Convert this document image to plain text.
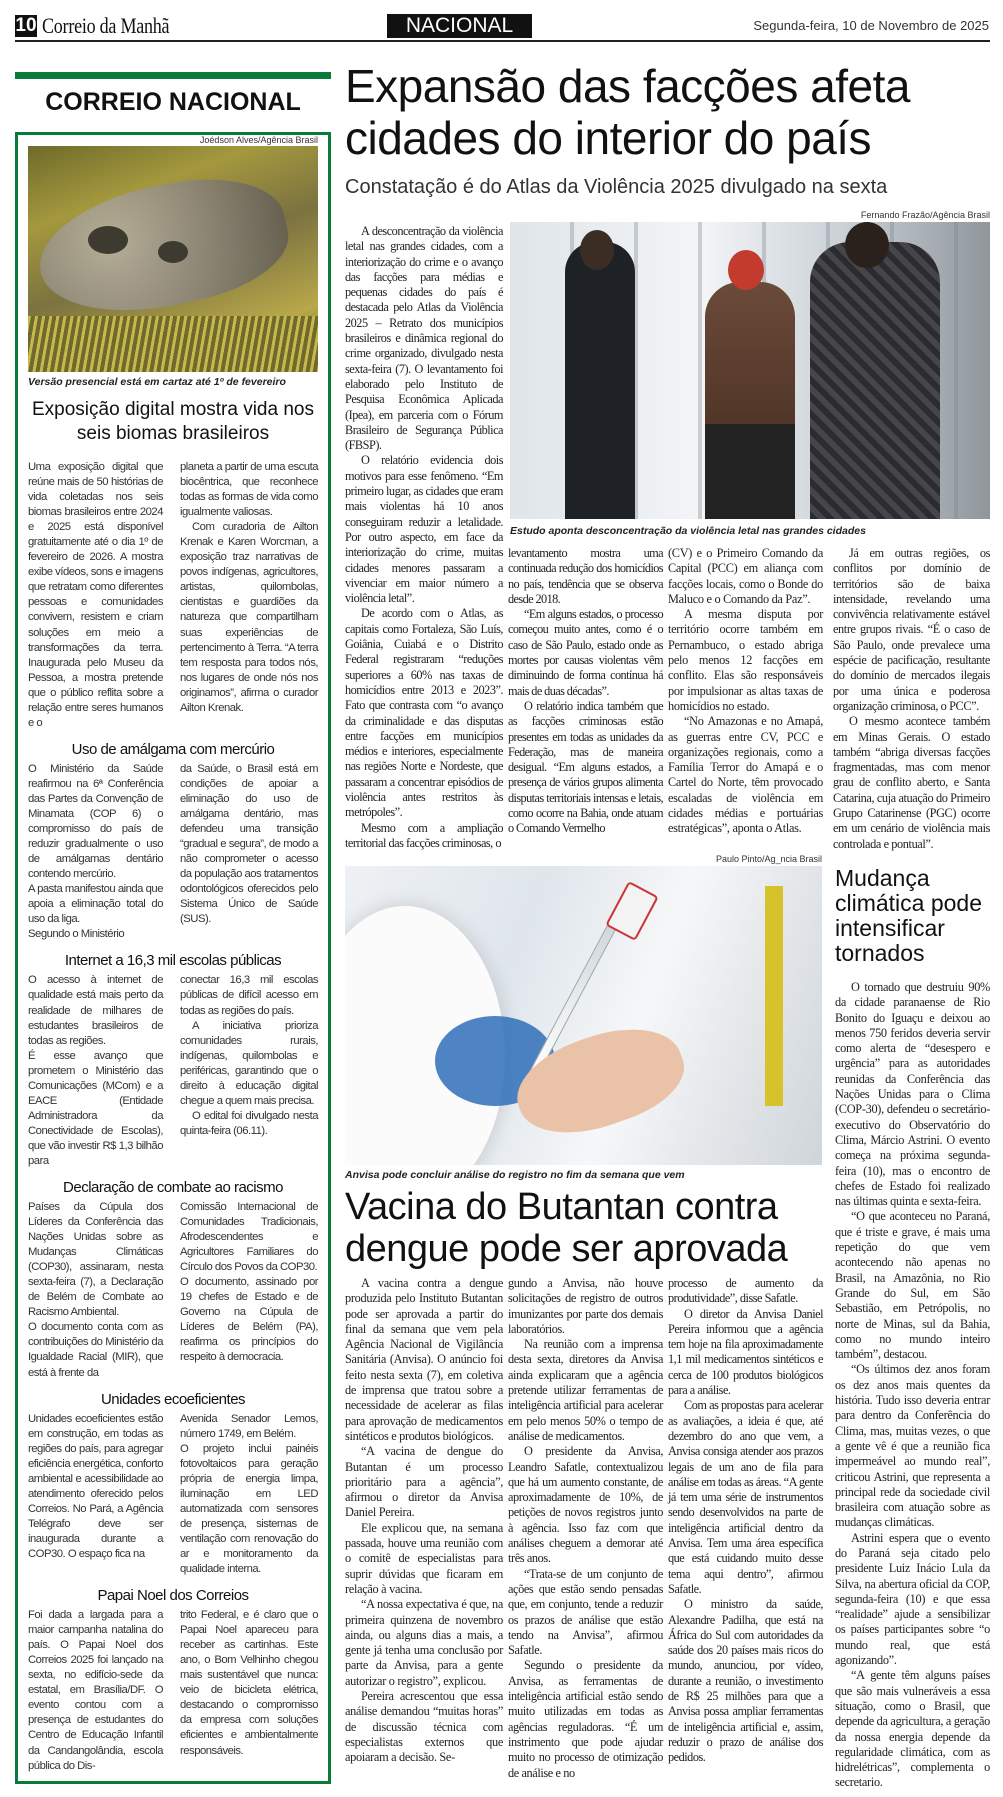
10 Correio da Manhã	NACIONAL	Segunda-feira, 10 de Novembro de 2025
CORREIO NACIONAL
Joédson Alves/Agência Brasil
Versão presencial está em cartaz até 1º de fevereiro
Exposição digital mostra vida nos seis biomas brasileiros

Uma exposição digital que reúne mais de 50 histórias de vida coletadas nos seis biomas brasileiros entre 2024 e 2025 está disponível gratuitamente até o dia 1º de fevereiro de 2026. A mostra exibe vídeos, sons e imagens que retratam como diferentes pessoas e comunidades convivem, resistem e criam soluções em meio a transformações da terra. Inaugurada pelo Museu da Pessoa, a mostra pretende que o público reflita sobre a relação entre seres humanos e o

planeta a partir de uma escuta biocêntrica, que reconhece todas as formas de vida como igualmente valiosas.

Com curadoria de Ailton Krenak e Karen Worcman, a exposição traz narrativas de povos indígenas, agricultores, artistas, quilombolas, cientistas e guardiões da natureza que compartilham suas experiências de pertencimento à Terra. “A terra tem resposta para todos nós, nos lugares de onde nós nos originamos”, afirma o curador Ailton Krenak.

Uso de amálgama com mercúrio

O Ministério da Saúde reafirmou na 6ª Conferência das Partes da Convenção de Minamata (COP 6) o compromisso do país de reduzir gradualmente o uso de amálgamas dentário contendo mercúrio.

A pasta manifestou ainda que apoia a eliminação total do uso da liga.

Segundo o Ministério

da Saúde, o Brasil está em condições de apoiar a eliminação do uso de amálgama dentário, mas defendeu uma transição “gradual e segura”, de modo a não comprometer o acesso da população aos tratamentos odontológicos oferecidos pelo Sistema Único de Saúde (SUS).

Internet a 16,3 mil escolas públicas

O acesso à internet de qualidade está mais perto da realidade de milhares de estudantes brasileiros de todas as regiões.

É esse avanço que prometem o Ministério das Comunicações (MCom) e a EACE (Entidade Administradora da Conectividade de Escolas), que vão investir R$ 1,3 bilhão para

conectar 16,3 mil escolas públicas de difícil acesso em todas as regiões do país.

A iniciativa prioriza comunidades rurais, indígenas, quilombolas e periféricas, garantindo que o direito à educação digital chegue a quem mais precisa.

O edital foi divulgado nesta quinta-feira (06.11).

Declaração de combate ao racismo

Países da Cúpula dos Líderes da Conferência das Nações Unidas sobre as Mudanças Climáticas (COP30), assinaram, nesta sexta-feira (7), a Declaração de Belém de Combate ao Racismo Ambiental.

O documento conta com as contribuições do Ministério da Igualdade Racial (MIR), que está à frente da

Comissão Internacional de Comunidades Tradicionais, Afrodescendentes e Agricultores Familiares do Círculo dos Povos da COP30.

O documento, assinado por 19 chefes de Estado e de Governo na Cúpula de Líderes de Belém (PA), reafirma os princípios do respeito à democracia.

Unidades ecoeficientes

Unidades ecoeficientes estão em construção, em todas as regiões do país, para agregar eficiência energética, conforto ambiental e acessibilidade ao atendimento oferecido pelos Correios. No Pará, a Agência Telégrafo deve ser inaugurada durante a COP30. O espaço fica na

Avenida Senador Lemos, número 1749, em Belém.

O projeto inclui painéis fotovoltaicos para geração própria de energia limpa, iluminação em LED automatizada com sensores de presença, sistemas de ventilação com renovação do ar e monitoramento da qualidade interna.

Papai Noel dos Correios

Foi dada a largada para a maior campanha natalina do país. O Papai Noel dos Correios 2025 foi lançado na sexta, no edifício-sede da estatal, em Brasília/DF. O evento contou com a presença de estudantes do Centro de Educação Infantil da Candangolândia, escola pública do Dis-

trito Federal, e é claro que o Papai Noel apareceu para receber as cartinhas. Este ano, o Bom Velhinho chegou mais sustentável que nunca: veio de bicicleta elétrica, destacando o compromisso da empresa com soluções eficientes e ambientalmente responsáveis.

Expansão das facções afeta cidades do interior do país
Constatação é do Atlas da Violência 2025 divulgado na sexta
Fernando Frazão/Agência Brasil
Estudo aponta desconcentração da violência letal nas grandes cidades

A desconcentração da violência letal nas grandes cidades, com a interiorização do crime e o avanço das facções para médias e pequenas cidades do país é destacada pelo Atlas da Violência 2025 – Retrato dos municípios brasileiros e dinâmica regional do crime organizado, divulgado nesta sexta-feira (7). O levantamento foi elaborado pelo Instituto de Pesquisa Econômica Aplicada (Ipea), em parceria com o Fórum Brasileiro de Segurança Pública (FBSP).

O relatório evidencia dois motivos para esse fenômeno. “Em primeiro lugar, as cidades que eram mais violentas há 10 anos conseguiram reduzir a letalidade. Por outro aspecto, em face da interiorização do crime, muitas cidades menores passaram a vivenciar em maior número a violência letal”.

De acordo com o Atlas, as capitais como Fortaleza, São Luís, Goiânia, Cuiabá e o Distrito Federal registraram “reduções superiores a 60% nas taxas de homicídios entre 2013 e 2023”. Fato que contrasta com “o avanço da criminalidade e das disputas entre facções em municípios médios e interiores, especialmente nas regiões Norte e Nordeste, que passaram a concentrar episódios de violência antes restritos às metrópoles”.

Mesmo com a ampliação territorial das facções criminosas, o

levantamento mostra uma continuada redução dos homicídios no país, tendência que se observa desde 2018.

“Em alguns estados, o processo começou muito antes, como é o caso de São Paulo, estado onde as mortes por causas violentas vêm diminuindo de forma contínua há mais de duas décadas”.

O relatório indica também que as facções criminosas estão presentes em todas as unidades da Federação, mas de maneira desigual. “Em alguns estados, a presença de vários grupos alimenta disputas territoriais intensas e letais, como ocorre na Bahia, onde atuam o Comando Vermelho

(CV) e o Primeiro Comando da Capital (PCC) em aliança com facções locais, como o Bonde do Maluco e o Comando da Paz”.

A mesma disputa por território ocorre também em Pernambuco, o estado abriga pelo menos 12 facções em conflito. Elas são responsáveis por impulsionar as altas taxas de homicídios no estado.

“No Amazonas e no Amapá, as guerras entre CV, PCC e organizações regionais, como a Família Terror do Amapá e o Cartel do Norte, têm provocado escaladas de violência em cidades médias e portuárias estratégicas”, aponta o Atlas.

Já em outras regiões, os conflitos por domínio de territórios são de baixa intensidade, revelando uma convivência relativamente estável entre grupos rivais. “É o caso de São Paulo, onde prevalece uma espécie de pacificação, resultante do domínio de mercados ilegais por uma única e poderosa organização criminosa, o PCC”.

O mesmo acontece também em Minas Gerais. O estado também “abriga diversas facções fragmentadas, mas com menor grau de conflito aberto, e Santa Catarina, cuja atuação do Primeiro Grupo Catarinense (PGC) ocorre em um cenário de violência mais controlada e pontual”.

Mudança climática pode intensificar tornados

O tornado que destruiu 90% da cidade paranaense de Rio Bonito do Iguaçu e deixou ao menos 750 feridos deveria servir como alerta de “desespero e urgência” para as autoridades reunidas da Conferência das Nações Unidas para o Clima (COP-30), defendeu o secretário-executivo do Observatório do Clima, Márcio Astrini. O evento começa na próxima segunda-feira (10), mas o encontro de chefes de Estado foi realizado nas últimas quinta e sexta-feira.

“O que aconteceu no Paraná, que é triste e grave, é mais uma repetição do que vem acontecendo não apenas no Brasil, na Amazônia, no Rio Grande do Sul, em São Sebastião, em Petrópolis, no norte de Minas, sul da Bahia, como no mundo inteiro também”, destacou.

“Os últimos dez anos foram os dez anos mais quentes da história. Tudo isso deveria entrar para dentro da Conferência do Clima, mas, muitas vezes, o que a gente vê é que a reunião fica impermeável ao mundo real”, criticou Astrini, que representa a principal rede da sociedade civil brasileira com atuação sobre as mudanças climáticas.

Astrini espera que o evento do Paraná seja citado pelo presidente Luiz Inácio Lula da Silva, na abertura oficial da COP, segunda-feira (10) e que essa “realidade” ajude a sensibilizar os países participantes sobre “o mundo real, que está agonizando”.

“A gente têm alguns países que são mais vulneráveis a essa situação, como o Brasil, que depende da agricultura, a geração da nossa energia depende da regularidade climática, com as hidrelétricas”, complementa o secretario.

Paulo Pinto/Ag_ncia Brasil
Anvisa pode concluir análise do registro no fim da semana que vem
Vacina do Butantan contra dengue pode ser aprovada

A vacina contra a dengue produzida pelo Instituto Butantan pode ser aprovada a partir do final da semana que vem pela Agência Nacional de Vigilância Sanitária (Anvisa). O anúncio foi feito nesta sexta (7), em coletiva de imprensa que tratou sobre a necessidade de acelerar as filas para aprovação de medicamentos sintéticos e produtos biológicos.

“A vacina de dengue do Butantan é um processo prioritário para a agência”, afirmou o diretor da Anvisa Daniel Pereira.

Ele explicou que, na semana passada, houve uma reunião com o comitê de especialistas para suprir dúvidas que ficaram em relação à vacina.

“A nossa expectativa é que, na primeira quinzena de novembro ainda, ou alguns dias a mais, a gente já tenha uma conclusão por parte da Anvisa, para a gente autorizar o registro”, explicou.

Pereira acrescentou que essa análise demandou “muitas horas” de discussão técnica com especialistas externos que apoiaram a decisão. Se-

gundo a Anvisa, não houve solicitações de registro de outros imunizantes por parte dos demais laboratórios.

Na reunião com a imprensa desta sexta, diretores da Anvisa ainda explicaram que a agência pretende utilizar ferramentas de inteligência artificial para acelerar em pelo menos 50% o tempo de análise de medicamentos.

O presidente da Anvisa, Leandro Safatle, contextualizou que há um aumento constante, de aproximadamente de 10%, de petições de novos registros junto à agência. Isso faz com que análises cheguem a demorar até três anos.

“Trata-se de um conjunto de ações que estão sendo pensadas que, em conjunto, tende a reduzir os prazos de análise que estão tendo na Anvisa”, afirmou Safatle.

Segundo o presidente da Anvisa, as ferramentas de inteligência artificial estão sendo muito utilizadas em todas as agências reguladoras. “É um instrimento que pode ajudar muito no processo de otimização de análise e no

processo de aumento da produtividade”, disse Safatle.

O diretor da Anvisa Daniel Pereira informou que a agência tem hoje na fila aproximadamente 1,1 mil medicamentos sintéticos e cerca de 100 produtos biológicos para a análise.

Com as propostas para acelerar as avaliações, a ideia é que, até dezembro do ano que vem, a Anvisa consiga atender aos prazos legais de um ano de fila para análise em todas as áreas. “A gente já tem uma série de instrumentos sendo desenvolvidos na parte de inteligência artificial dentro da Anvisa. Tem uma área específica que está cuidando muito desse tema aqui dentro”, afirmou Safatle.

O ministro da saúde, Alexandre Padilha, que está na África do Sul com autoridades da saúde dos 20 países mais ricos do mundo, anunciou, por vídeo, durante a reunião, o investimento de R$ 25 milhões para que a Anvisa possa ampliar ferramentas de inteligência artificial e, assim, reduzir o prazo de análise dos pedidos.
